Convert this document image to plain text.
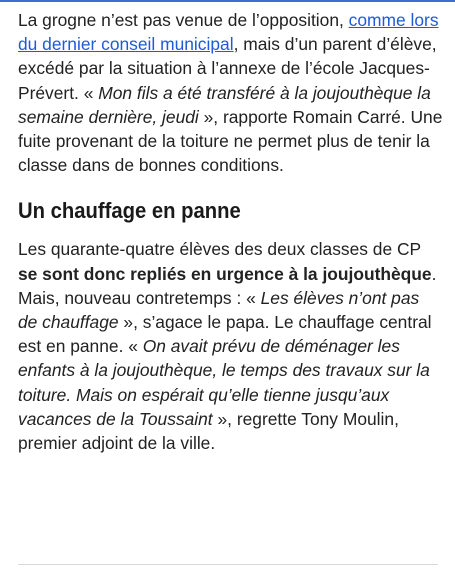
La grogne n’est pas venue de l’opposition, comme lors du dernier conseil municipal, mais d’un parent d’élève, excédé par la situation à l’annexe de l’école Jacques-Prévert. « Mon fils a été transféré à la joujouthèque la semaine dernière, jeudi », rapporte Romain Carré. Une fuite provenant de la toiture ne permet plus de tenir la classe dans de bonnes conditions.

Un chauffage en panne

Les quarante-quatre élèves des deux classes de CP se sont donc repliés en urgence à la joujouthèque. Mais, nouveau contretemps : « Les élèves n’ont pas de chauffage », s’agace le papa. Le chauffage central est en panne. « On avait prévu de déménager les enfants à la joujouthèque, le temps des travaux sur la toiture. Mais on espérait qu’elle tienne jusqu’aux vacances de la Toussaint », regrette Tony Moulin, premier adjoint de la ville.
